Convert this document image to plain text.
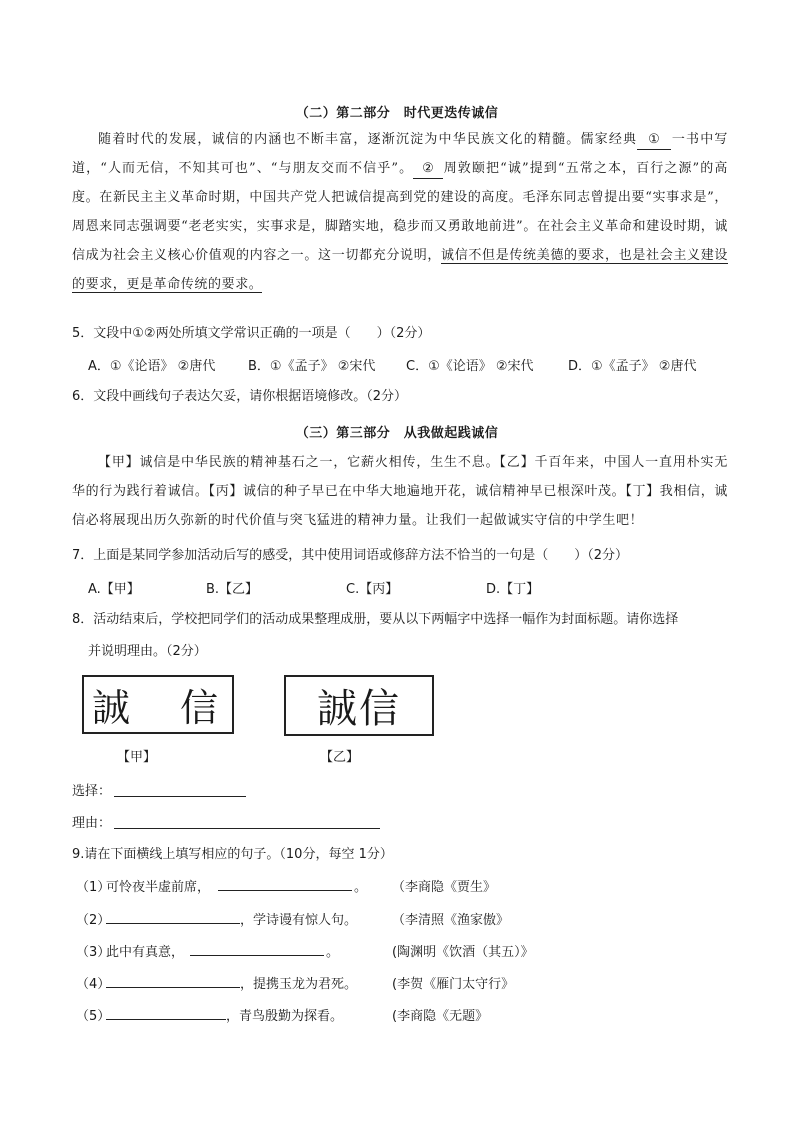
（二）第二部分　时代更迭传诚信
随着时代的发展，诚信的内涵也不断丰富，逐渐沉淀为中华民族文化的精髓。儒家经典 ① 一书中写道，“人而无信，不知其可也”、“与朋友交而不信乎”。 ② 周敦颐把“诚”提到“五常之本，百行之源”的高度。在新民主主义革命时期，中国共产党人把诚信提高到党的建设的高度。毛泽东同志曾提出要“实事求是”，周恩来同志强调要“老老实实，实事求是，脚踏实地，稳步而又勇敢地前进”。在社会主义革命和建设时期，诚信成为社会主义核心价值观的内容之一。这一切都充分说明，诚信不但是传统美德的要求，也是社会主义建设的要求，更是革命传统的要求。
5．文段中①②两处所填文学常识正确的一项是（　　）（2分）
A．①《论语》 ②唐代	B．①《孟子》 ②宋代 C．①《论语》 ②宋代	D．①《孟子》 ②唐代
6．文段中画线句子表达欠妥，请你根据语境修改。（2分）
（三）第三部分　从我做起践诚信
【甲】诚信是中华民族的精神基石之一，它薪火相传，生生不息。【乙】千百年来，中国人一直用朴实无华的行为践行着诚信。【丙】诚信的种子早已在中华大地遍地开花，诚信精神早已根深叶茂。【丁】我相信，诚信必将展现出历久弥新的时代价值与突飞猛进的精神力量。让我们一起做诚实守信的中学生吧！
7．上面是某同学参加活动后写的感受，其中使用词语或修辞方法不恰当的一句是（　　）（2分）
A.【甲】	B.【乙】	C.【丙】	D.【丁】
8．活动结束后，学校把同学们的活动成果整理成册，要从以下两幅字中选择一幅作为封面标题。请你选择
并说明理由。（2分）
誠　信	誠信
【甲】	【乙】
选择：
理由：
9.请在下面横线上填写相应的句子。（10分，每空 1分）
（1）
可怜夜半虚前席，	。 （李商隐《贾生》
（2）	，学诗谩有惊人句。	（李清照《渔家傲》
（3）
此中有真意，	。	(陶渊明《饮酒（其五）》
（4）	，提携玉龙为君死。	(李贺《雁门太守行》
（5）	，青鸟殷勤为探看。	(李商隐《无题》
